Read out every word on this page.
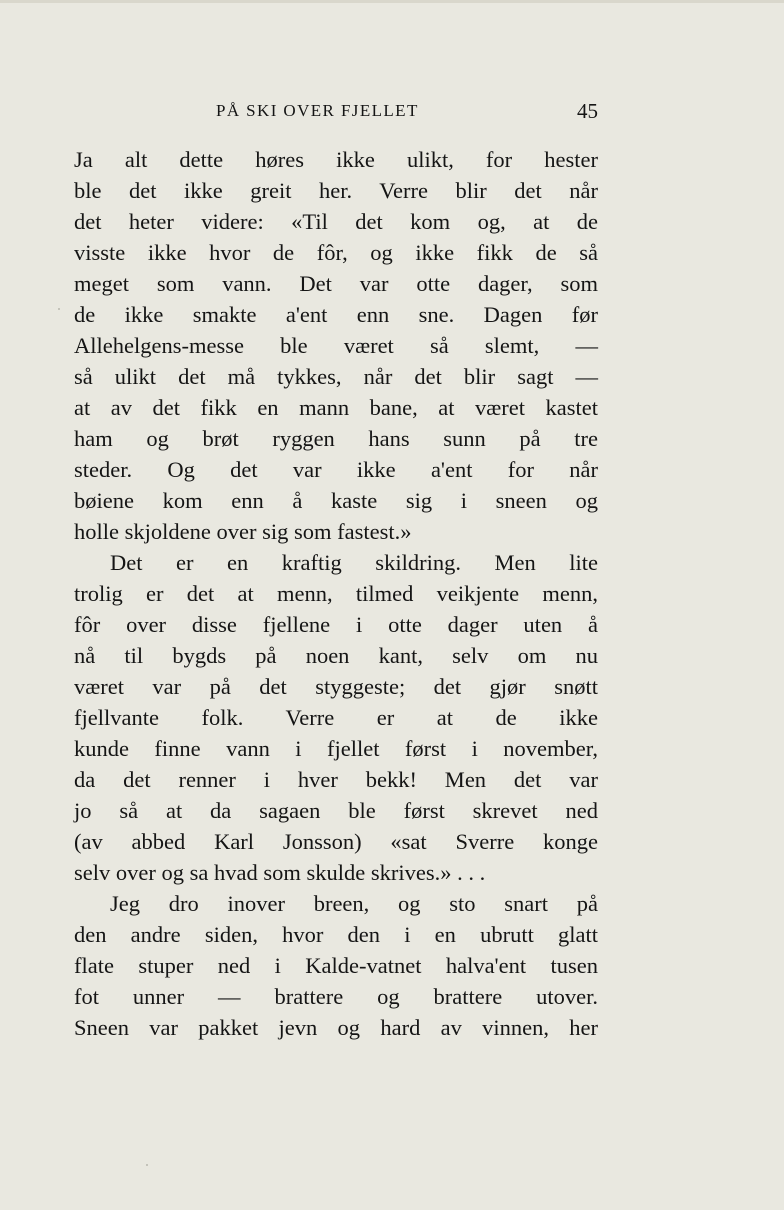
PÅ SKI OVER FJELLET	45
Ja alt dette høres ikke ulikt, for hester
ble det ikke greit her. Verre blir det når
det heter videre: «Til det kom og, at de
visste ikke hvor de fôr, og ikke fikk de så
meget som vann. Det var otte dager, som
de ikke smakte a'ent enn sne. Dagen før
Allehelgens-messe ble været så slemt, —
så ulikt det må tykkes, når det blir sagt —
at av det fikk en mann bane, at været kastet
ham og brøt ryggen hans sunn på tre
steder. Og det var ikke a'ent for når
bøiene kom enn å kaste sig i sneen og
holle skjoldene over sig som fastest.»
Det er en kraftig skildring. Men lite
trolig er det at menn, tilmed veikjente menn,
fôr over disse fjellene i otte dager uten å
nå til bygds på noen kant, selv om nu
været var på det styggeste; det gjør snøtt
fjellvante folk. Verre er at de ikke
kunde finne vann i fjellet først i november,
da det renner i hver bekk! Men det var
jo så at da sagaen ble først skrevet ned
(av abbed Karl Jonsson) «sat Sverre konge
selv over og sa hvad som skulde skrives.» . . .
Jeg dro inover breen, og sto snart på
den andre siden, hvor den i en ubrutt glatt
flate stuper ned i Kalde-vatnet halva'ent tusen
fot unner — brattere og brattere utover.
Sneen var pakket jevn og hard av vinnen, her
